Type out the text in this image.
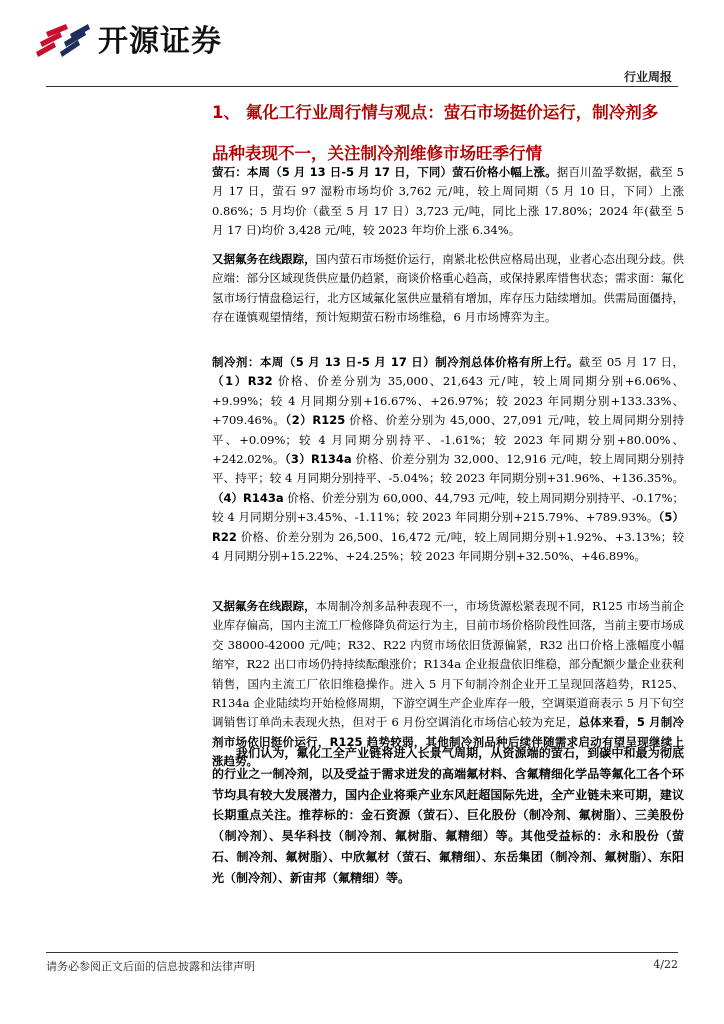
开源证券
行业周报
1、 氟化工行业周行情与观点：萤石市场挺价运行，制冷剂多
品种表现不一，关注制冷剂维修市场旺季行情

萤石：本周（5 月 13 日-5 月 17 日，下同）萤石价格小幅上涨。据百川盈孚数据，截至 5 月 17 日，萤石 97 湿粉市场均价 3,762 元/吨，较上周同期（5 月 10 日，下同）上涨 0.86%；5 月均价（截至 5 月 17 日）3,723 元/吨，同比上涨 17.80%；2024 年(截至 5 月 17 日)均价 3,428 元/吨，较 2023 年均价上涨 6.34%。

又据氟务在线跟踪，国内萤石市场挺价运行，南紧北松供应格局出现，业者心态出现分歧。供应端：部分区域现货供应量仍趋紧，商谈价格重心趋高，或保持累库惜售状态；需求面：氟化氢市场行情盘稳运行，北方区域氟化氢供应量稍有增加，库存压力陆续增加。供需局面僵持，存在谨慎观望情绪，预计短期萤石粉市场维稳，6 月市场博弈为主。

制冷剂：本周（5 月 13 日-5 月 17 日）制冷剂总体价格有所上行。截至 05 月 17 日，（1）R32 价格、价差分别为 35,000、21,643 元/吨，较上周同期分别+6.06%、+9.99%；较 4 月同期分别+16.67%、+26.97%；较 2023 年同期分别+133.33%、+709.46%。（2）R125 价格、价差分别为 45,000、27,091 元/吨，较上周同期分别持平、+0.09%；较 4 月同期分别持平、-1.61%；较 2023 年同期分别+80.00%、+242.02%。（3）R134a 价格、价差分别为 32,000、12,916 元/吨，较上周同期分别持平、持平；较 4 月同期分别持平、-5.04%；较 2023 年同期分别+31.96%、+136.35%。（4）R143a 价格、价差分别为 60,000、44,793 元/吨，较上周同期分别持平、-0.17%；较 4 月同期分别+3.45%、-1.11%；较 2023 年同期分别+215.79%、+789.93%。（5）R22 价格、价差分别为 26,500、16,472 元/吨，较上周同期分别+1.92%、+3.13%；较 4 月同期分别+15.22%、+24.25%；较 2023 年同期分别+32.50%、+46.89%。

又据氟务在线跟踪，本周制冷剂多品种表现不一，市场货源松紧表现不同，R125 市场当前企业库存偏高，国内主流工厂检修降负荷运行为主，目前市场价格阶段性回落，当前主要市场成交 38000-42000 元/吨；R32、R22 内贸市场依旧货源偏紧，R32 出口价格上涨幅度小幅缩窄，R22 出口市场仍持持续酝酿涨价；R134a 企业报盘依旧维稳，部分配额少量企业获利销售，国内主流工厂依旧维稳操作。进入 5 月下旬制冷剂企业开工呈现回落趋势，R125、R134a 企业陆续均开始检修周期，下游空调生产企业库存一般，空调渠道商表示 5 月下旬空调销售订单尚未表现火热，但对于 6 月份空调消化市场信心较为充足，总体来看，5 月制冷剂市场依旧挺价运行，R125 趋势较弱，其他制冷剂品种后续伴随需求启动有望呈现继续上涨趋势。

我们认为，氟化工全产业链将进入长景气周期，从资源端的萤石，到碳中和最为彻底的行业之一制冷剂，以及受益于需求迸发的高端氟材料、含氟精细化学品等氟化工各个环节均具有较大发展潜力，国内企业将乘产业东风赶超国际先进，全产业链未来可期，建议长期重点关注。推荐标的：金石资源（萤石）、巨化股份（制冷剂、氟树脂）、三美股份（制冷剂）、昊华科技（制冷剂、氟树脂、氟精细）等。其他受益标的：永和股份（萤石、制冷剂、氟树脂）、中欣氟材（萤石、氟精细）、东岳集团（制冷剂、氟树脂）、东阳光（制冷剂）、新宙邦（氟精细）等。

请务必参阅正文后面的信息披露和法律声明	4/22
